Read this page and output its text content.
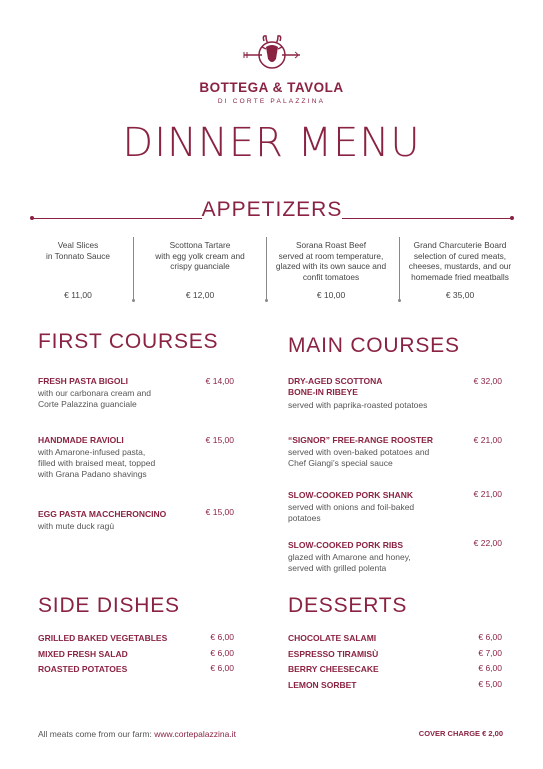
BOTTEGA & TAVOLA
DI CORTE PALAZZINA
DINNER MENU
APPETIZERS
Veal Slices
in Tonnato Sauce
€ 11,00
Scottona Tartare
with egg yolk cream and
crispy guanciale
€ 12,00
Sorana Roast Beef
served at room temperature,
glazed with its own sauce and
confit tomatoes
€ 10,00
Grand Charcuterie Board
selection of cured meats,
cheeses, mustards, and our
homemade fried meatballs
€ 35,00
FIRST COURSES
FRESH PASTA BIGOLI	€ 14,00
with our carbonara cream and
Corte Palazzina guanciale
HANDMADE RAVIOLI	€ 15,00
with Amarone-infused pasta,
filled with braised meat, topped
with Grana Padano shavings
EGG PASTA MACCHERONCINO	€ 15,00
with mute duck ragù
MAIN COURSES
DRY-AGED SCOTTONA
BONE-IN RIBEYE
€ 32,00
served with paprika-roasted potatoes
“SIGNOR” FREE-RANGE ROOSTER	€ 21,00
served with oven-baked potatoes and
Chef Giangi’s special sauce
SLOW-COOKED PORK SHANK	€ 21,00
served with onions and foil-baked
potatoes
SLOW-COOKED PORK RIBS	€ 22,00
glazed with Amarone and honey,
served with grilled polenta
SIDE DISHES
GRILLED BAKED VEGETABLES	€ 6,00
MIXED FRESH SALAD	€ 6,00
ROASTED POTATOES	€ 6,00
DESSERTS
CHOCOLATE SALAMI	€ 6,00
ESPRESSO TIRAMISÙ	€ 7,00
BERRY CHEESECAKE	€ 6,00
LEMON SORBET	€ 5,00
All meats come from our farm: www.cortepalazzina.it	COVER CHARGE € 2,00
